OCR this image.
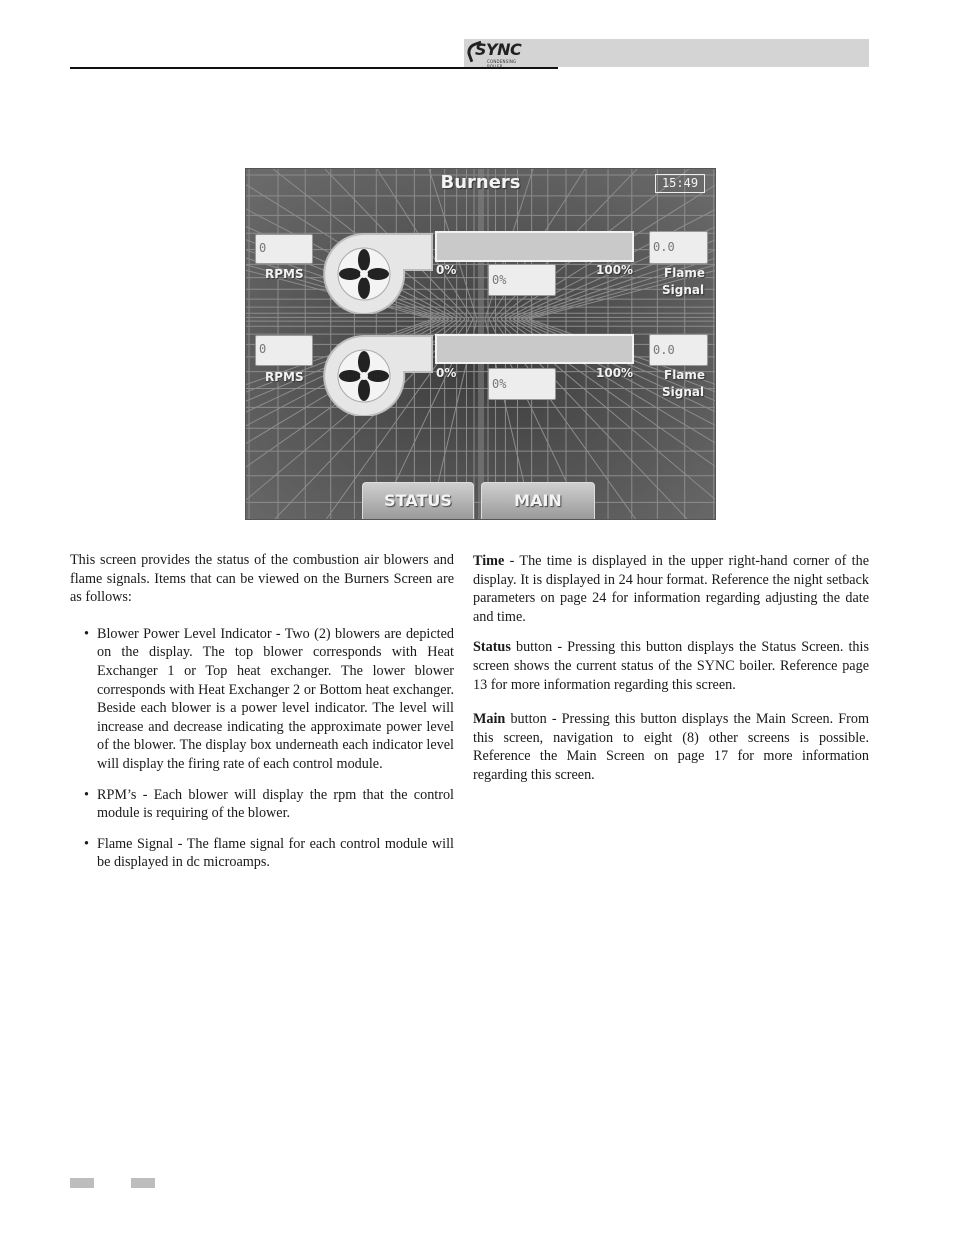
SYNC
CONDENSING BOILER
Burners	15:49
0
RPMS	0%	100%
0%
0.0
Flame
Signal
0
RPMS	0%	100%
0%
0.0
Flame
Signal
STATUS	MAIN

This screen provides the status of the combustion air blowers and flame signals. Items that can be viewed on the Burners Screen are as follows:

• Blower Power Level Indicator - Two (2) blowers are depicted on the display. The top blower corresponds with Heat Exchanger 1 or Top heat exchanger. The lower blower corresponds with Heat Exchanger 2 or Bottom heat exchanger. Beside each blower is a power level indicator. The level will increase and decrease indicating the approximate power level of the blower. The display box underneath each indicator level will display the firing rate of each control module.
• RPM’s - Each blower will display the rpm that the control module is requiring of the blower.
• Flame Signal - The flame signal for each control module will be displayed in dc microamps.

Time - The time is displayed in the upper right-hand corner of the display. It is displayed in 24 hour format. Reference the night setback parameters on page 24 for information regarding adjusting the date and time.

Status button - Pressing this button displays the Status Screen. this screen shows the current status of the SYNC boiler. Reference page 13 for more information regarding this screen.

Main button - Pressing this button displays the Main Screen. From this screen, navigation to eight (8) other screens is possible. Reference the Main Screen on page 17 for more information regarding this screen.
